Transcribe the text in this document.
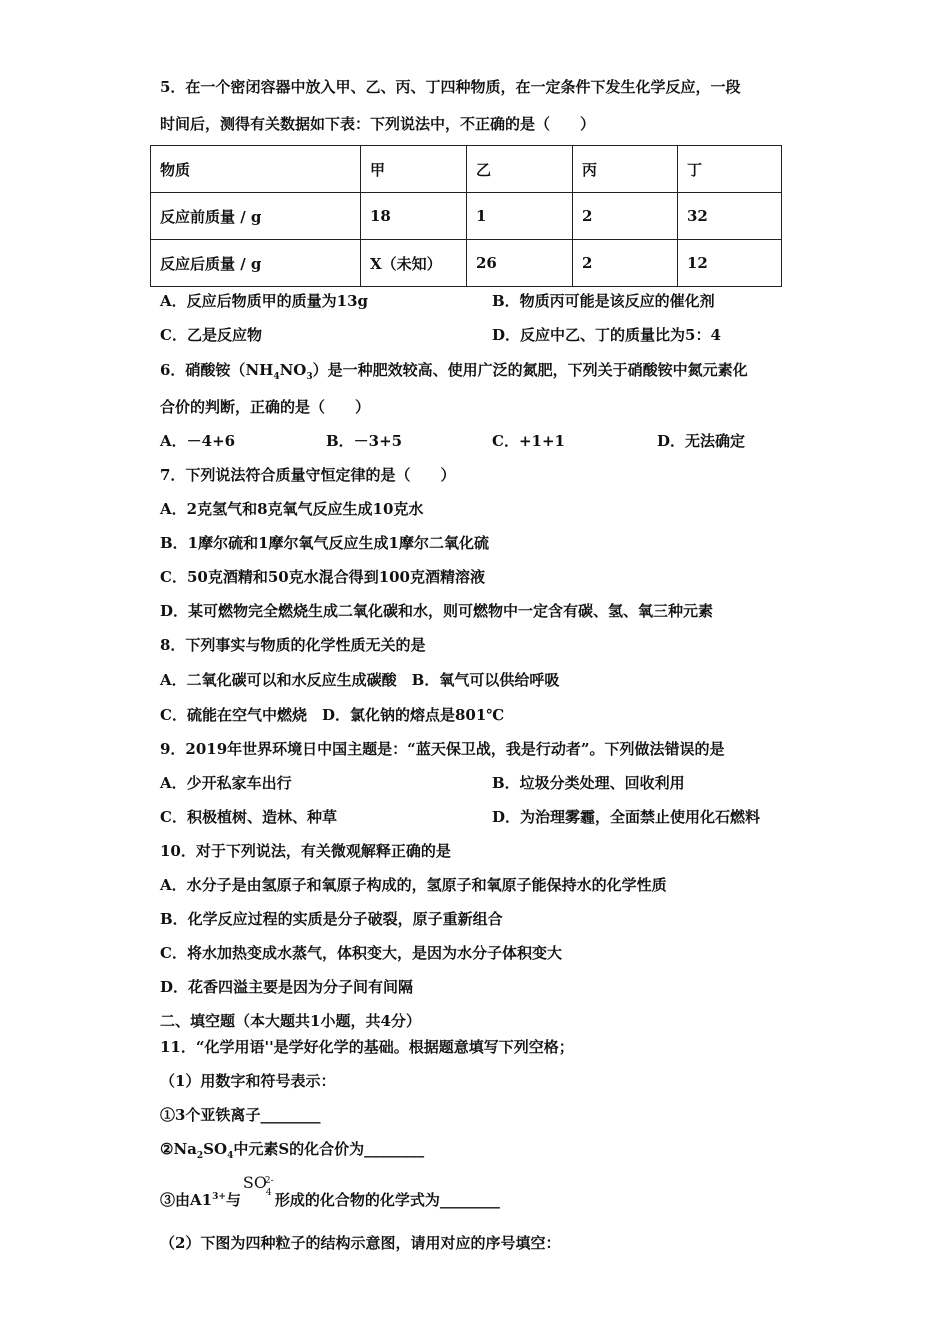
5．在一个密闭容器中放入甲、乙、丙、丁四种物质，在一定条件下发生化学反应，一段
时间后，测得有关数据如下表：下列说法中，不正确的是（　　）
物质	甲	乙	丙	丁
反应前质量 / g	18	1	2	32
反应后质量 / g	X（未知）	26	2	12
A．反应后物质甲的质量为13g	B．物质丙可能是该反应的催化剂
C．乙是反应物	D．反应中乙、丁的质量比为5：4
6．硝酸铵$(NH_4NO_3)$是一种肥效较高、使用广泛的氮肥，下列关于硝酸铵中氮元素化
合价的判断，正确的是（　　）
A．－4+6	B．－3+5	C．+1+1	D．无法确定
7．下列说法符合质量守恒定律的是（　　）
A．2克氢气和8克氧气反应生成10克水
B．1摩尔硫和1摩尔氧气反应生成1摩尔二氧化硫
C．50克酒精和50克水混合得到100克酒精溶液
D．某可燃物完全燃烧生成二氧化碳和水，则可燃物中一定含有碳、氢、氧三种元素
8．下列事实与物质的化学性质无关的是
A．二氧化碳可以和水反应生成碳酸　B．氧气可以供给呼吸
C．硫能在空气中燃烧　D．氯化钠的熔点是801℃
9．2019年世界环境日中国主题是：“蓝天保卫战，我是行动者”。下列做法错误的是
A．少开私家车出行	B．垃圾分类处理、回收利用
C．积极植树、造林、种草	D．为治理雾霾，全面禁止使用化石燃料
10．对于下列说法，有关微观解释正确的是
A．水分子是由氢原子和氧原子构成的，氢原子和氧原子能保持水的化学性质
B．化学反应过程的实质是分子破裂，原子重新组合
C．将水加热变成水蒸气，体积变大，是因为水分子体积变大
D．花香四溢主要是因为分子间有间隔
二、填空题（本大题共1小题，共4分）
11．“化学用语''是学好化学的基础。根据题意填写下列空格；
（1）用数字和符号表示：
①3个亚铁离子________
$②Na_2SO_4$中元素S的化合价为________
③由$A1^{3+}$与
SO
2-
4 形成的化合物的化学式为________
（2）下图为四种粒子的结构示意图，请用对应的序号填空：
